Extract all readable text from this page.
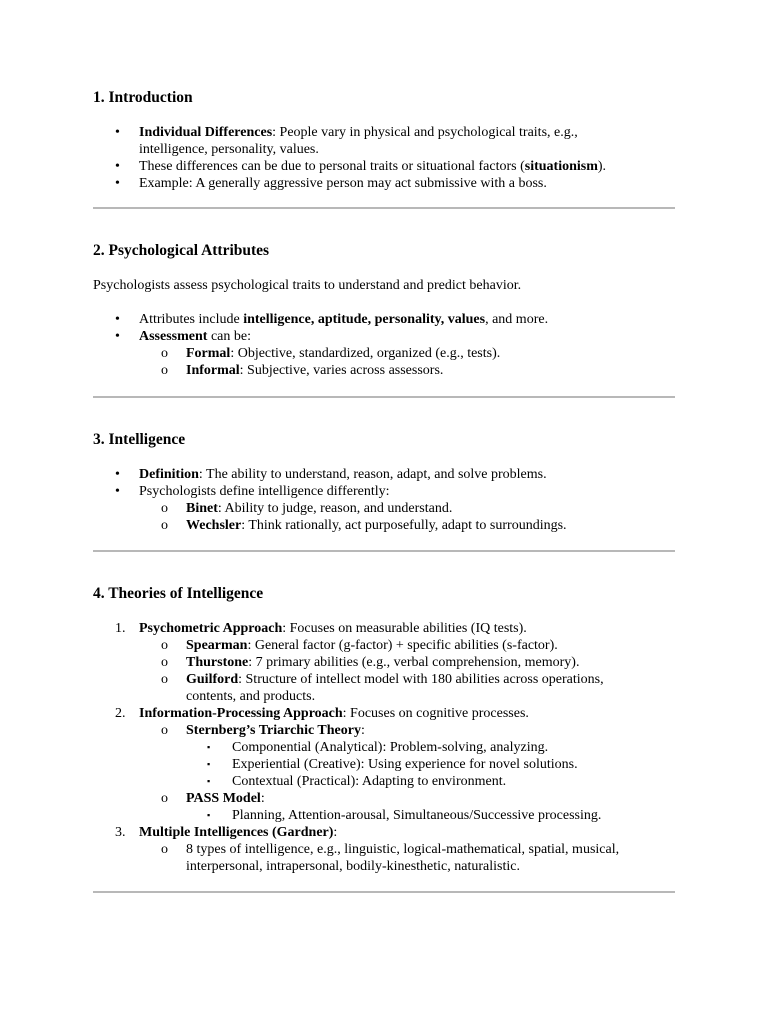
1. Introduction
•
Individual Differences: People vary in physical and psychological traits, e.g.,
intelligence, personality, values.
•
These differences can be due to personal traits or situational factors (situationism).
•
Example: A generally aggressive person may act submissive with a boss.
2. Psychological Attributes

Psychologists assess psychological traits to understand and predict behavior.

•
Attributes include intelligence, aptitude, personality, values, and more.
•
Assessment can be:
o
Formal: Objective, standardized, organized (e.g., tests).
o
Informal: Subjective, varies across assessors.
3. Intelligence
•
Definition: The ability to understand, reason, adapt, and solve problems.
•
Psychologists define intelligence differently:
o
Binet: Ability to judge, reason, and understand.
o
Wechsler: Think rationally, act purposefully, adapt to surroundings.
4. Theories of Intelligence
1. Psychometric Approach: Focuses on measurable abilities (IQ tests).
o
Spearman: General factor (g-factor) + specific abilities (s-factor).
o
Thurstone: 7 primary abilities (e.g., verbal comprehension, memory).
o
Guilford: Structure of intellect model with 180 abilities across operations,
contents, and products.
2. Information-Processing Approach: Focuses on cognitive processes.
o
Sternberg’s Triarchic Theory:
▪
Componential (Analytical): Problem-solving, analyzing.
▪
Experiential (Creative): Using experience for novel solutions.
▪
Contextual (Practical): Adapting to environment.
o
PASS Model:
▪
Planning, Attention-arousal, Simultaneous/Successive processing.
3. Multiple Intelligences (Gardner):
o
8 types of intelligence, e.g., linguistic, logical-mathematical, spatial, musical,
interpersonal, intrapersonal, bodily-kinesthetic, naturalistic.
